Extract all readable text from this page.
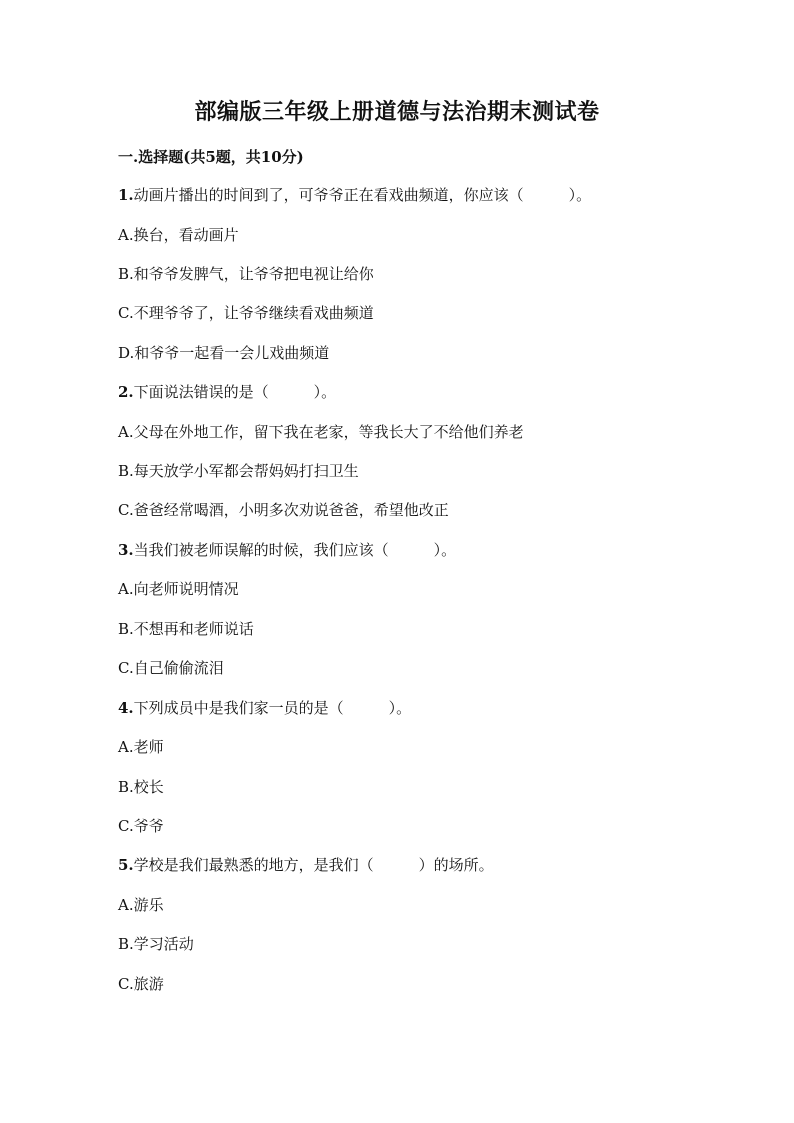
部编版三年级上册道德与法治期末测试卷
一.选择题(共5题，共10分)
1.动画片播出的时间到了，可爷爷正在看戏曲频道，你应该（　　　）。
A.换台，看动画片
B.和爷爷发脾气，让爷爷把电视让给你
C.不理爷爷了，让爷爷继续看戏曲频道
D.和爷爷一起看一会儿戏曲频道
2.下面说法错误的是（　　　）。
A.父母在外地工作，留下我在老家，等我长大了不给他们养老
B.每天放学小军都会帮妈妈打扫卫生
C.爸爸经常喝酒，小明多次劝说爸爸，希望他改正
3.当我们被老师误解的时候，我们应该（　　　）。
A.向老师说明情况
B.不想再和老师说话
C.自己偷偷流泪
4.下列成员中是我们家一员的是（　　　）。
A.老师
B.校长
C.爷爷
5.学校是我们最熟悉的地方，是我们（　　　）的场所。
A.游乐
B.学习活动
C.旅游
